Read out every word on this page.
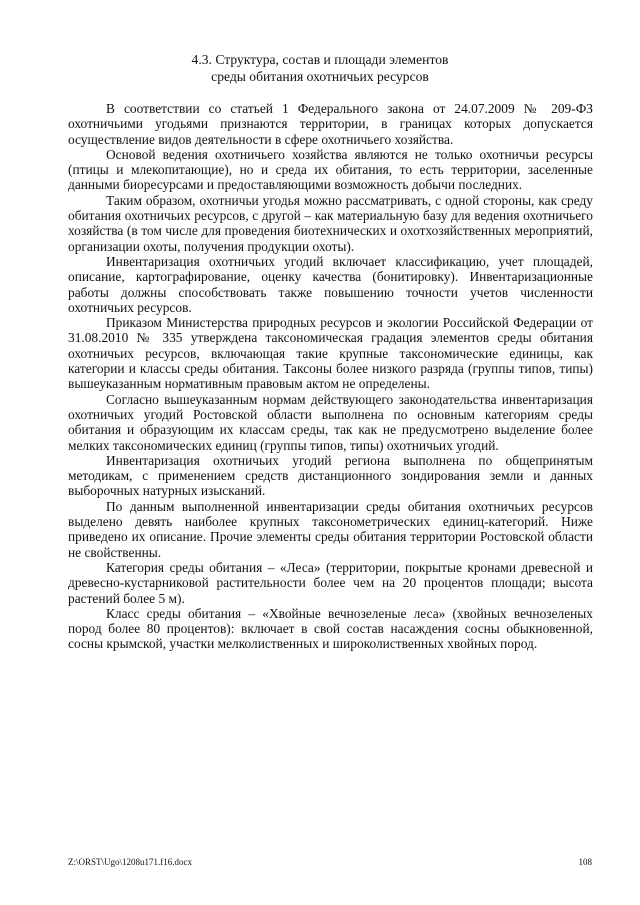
4.3. Структура, состав и площади элементов
среды обитания охотничьих ресурсов

В соответствии со статьей 1 Федерального закона от 24.07.2009 № 209-ФЗ охотничьими угодьями признаются территории, в границах которых допускается осуществление видов деятельности в сфере охотничьего хозяйства.

Основой ведения охотничьего хозяйства являются не только охотничьи ресурсы (птицы и млекопитающие), но и среда их обитания, то есть территории, заселенные данными биоресурсами и предоставляющими возможность добычи последних.

Таким образом, охотничьи угодья можно рассматривать, с одной стороны, как среду обитания охотничьих ресурсов, с другой – как материальную базу для ведения охотничьего хозяйства (в том числе для проведения биотехнических и охотхозяйственных мероприятий, организации охоты, получения продукции охоты).

Инвентаризация охотничьих угодий включает классификацию, учет площадей, описание, картографирование, оценку качества (бонитировку). Инвентаризационные работы должны способствовать также повышению точности учетов численности охотничьих ресурсов.

Приказом Министерства природных ресурсов и экологии Российской Федерации от 31.08.2010 № 335 утверждена таксономическая градация элементов среды обитания охотничьих ресурсов, включающая такие крупные таксономические единицы, как категории и классы среды обитания. Таксоны более низкого разряда (группы типов, типы) вышеуказанным нормативным правовым актом не определены.

Согласно вышеуказанным нормам действующего законодательства инвентаризация охотничьих угодий Ростовской области выполнена по основным категориям среды обитания и образующим их классам среды, так как не предусмотрено выделение более мелких таксономических единиц (группы типов, типы) охотничьих угодий.

Инвентаризация охотничьих угодий региона выполнена по общепринятым методикам, с применением средств дистанционного зондирования земли и данных выборочных натурных изысканий.

По данным выполненной инвентаризации среды обитания охотничьих ресурсов выделено девять наиболее крупных таксонометрических единиц-категорий. Ниже приведено их описание. Прочие элементы среды обитания территории Ростовской области не свойственны.

Категория среды обитания – «Леса» (территории, покрытые кронами древесной и древесно-кустарниковой растительности более чем на 20 процентов площади; высота растений более 5 м).

Класс среды обитания – «Хвойные вечнозеленые леса» (хвойных вечнозеленых пород более 80 процентов): включает в свой состав насаждения сосны обыкновенной, сосны крымской, участки мелколиственных и широколиственных хвойных пород.

Z:\ORST\Ugo\1208u171.f16.docx	108
